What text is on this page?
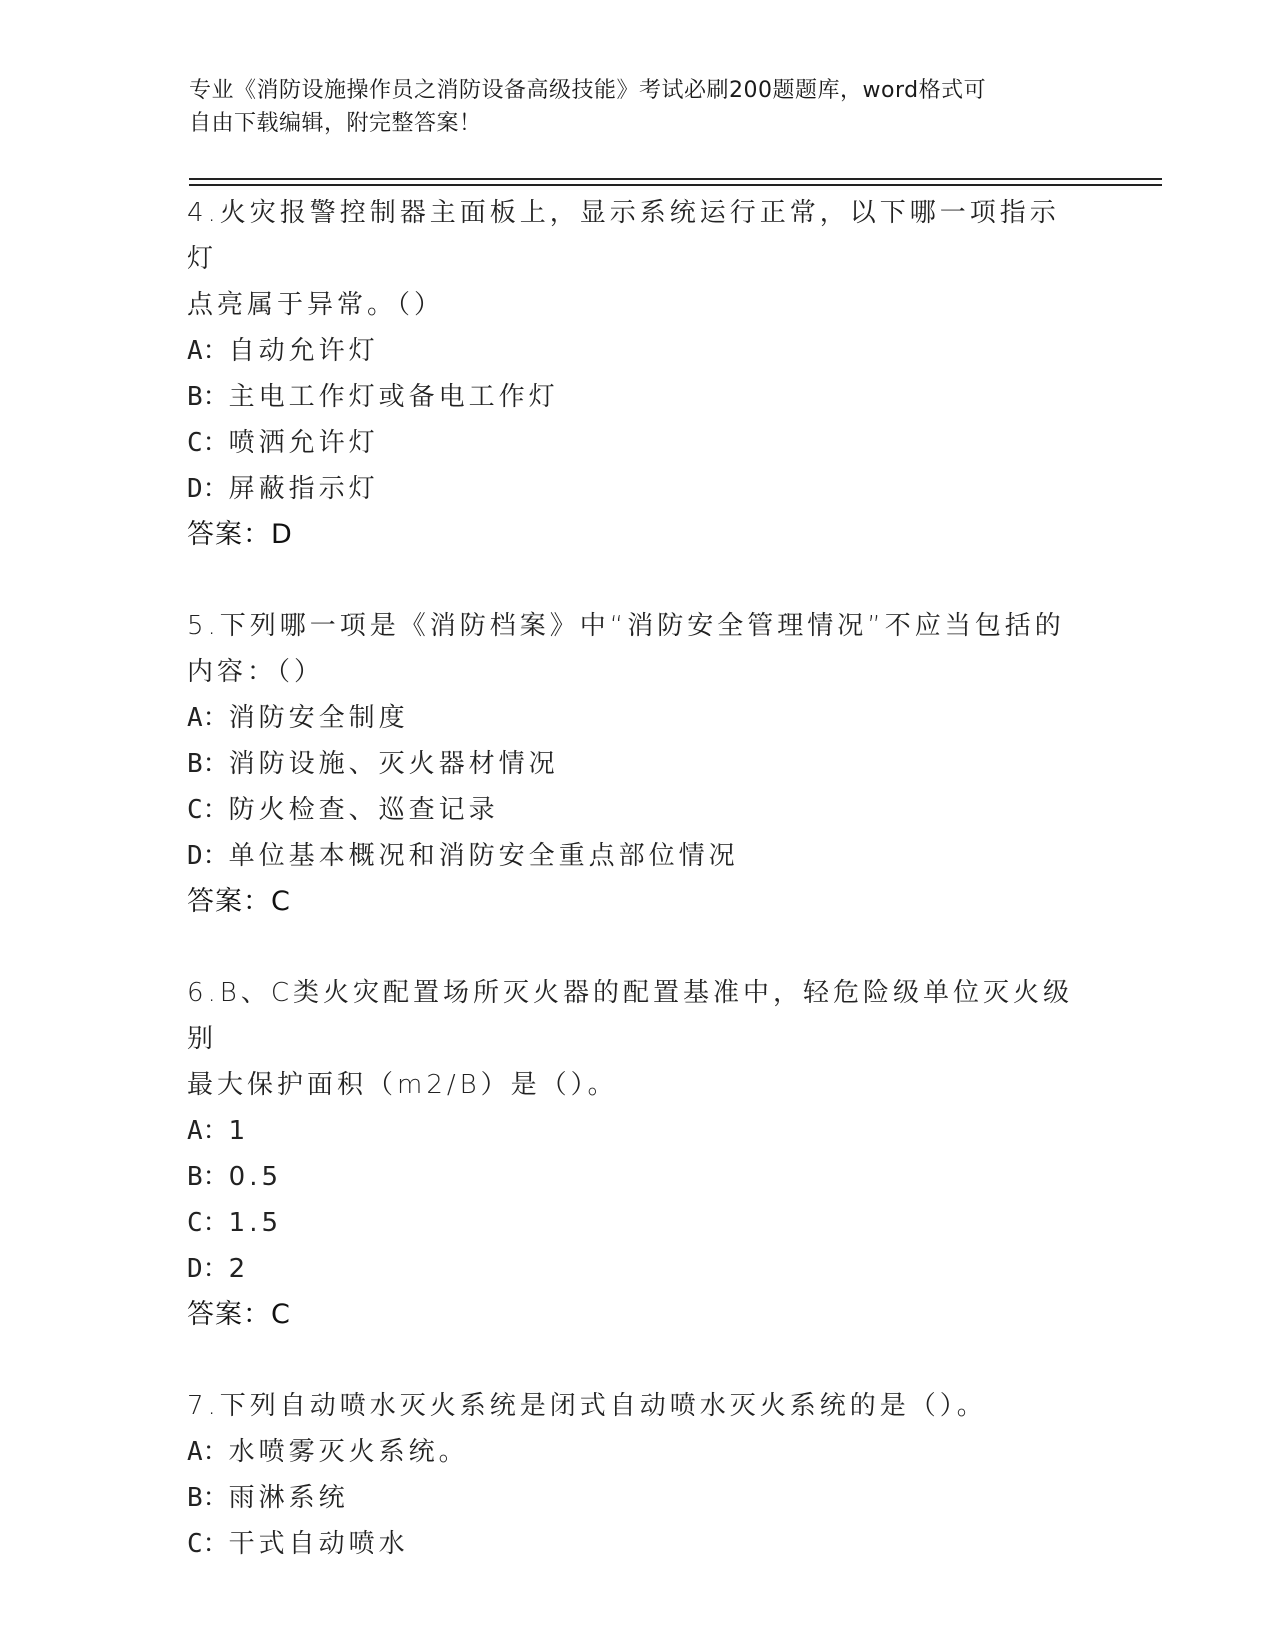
专业《消防设施操作员之消防设备高级技能》考试必刷200题题库，word格式可
自由下载编辑，附完整答案！
4.火灾报警控制器主面板上，显示系统运行正常，以下哪一项指示灯
点亮属于异常。（）
A：自动允许灯
B：主电工作灯或备电工作灯
C：喷洒允许灯
D：屏蔽指示灯
答案：D
5.下列哪一项是《消防档案》中“消防安全管理情况”不应当包括的
内容：（）
A：消防安全制度
B：消防设施、灭火器材情况
C：防火检查、巡查记录
D：单位基本概况和消防安全重点部位情况
答案：C
6.B、C类火灾配置场所灭火器的配置基准中，轻危险级单位灭火级别
最大保护面积（m2/B）是（）。
A：1
B：0.5
C：1.5
D：2
答案：C
7.下列自动喷水灭火系统是闭式自动喷水灭火系统的是（）。
A：水喷雾灭火系统。
B：雨淋系统
C：干式自动喷水
